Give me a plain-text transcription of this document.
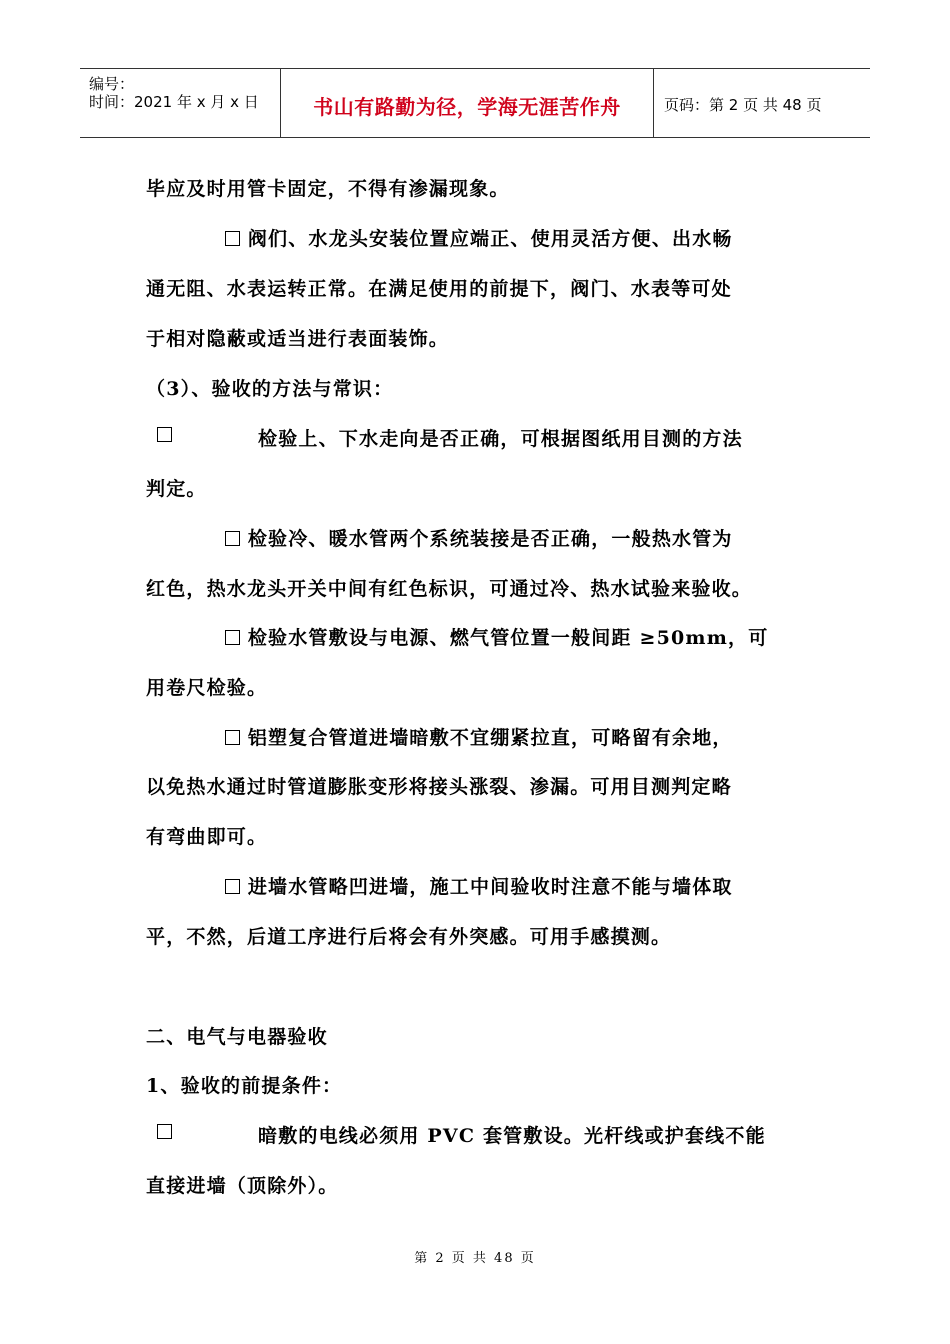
编号：
时间：2021 年 x 月 x 日	书山有路勤为径，学海无涯苦作舟	页码：第 2 页 共 48 页
毕应及时用管卡固定，不得有渗漏现象。
阀们、水龙头安装位置应端正、使用灵活方便、出水畅
通无阻、水表运转正常。在满足使用的前提下，阀门、水表等可处
于相对隐蔽或适当进行表面装饰。
（3）、验收的方法与常识：
检验上、下水走向是否正确，可根据图纸用目测的方法
判定。
检验冷、暖水管两个系统装接是否正确，一般热水管为
红色，热水龙头开关中间有红色标识，可通过冷、热水试验来验收。
检验水管敷设与电源、燃气管位置一般间距 ≥50mm，可
用卷尺检验。
铝塑复合管道进墙暗敷不宜绷紧拉直，可略留有余地，
以免热水通过时管道膨胀变形将接头涨裂、渗漏。可用目测判定略
有弯曲即可。
进墙水管略凹进墙，施工中间验收时注意不能与墙体取
平，不然，后道工序进行后将会有外突感。可用手感摸测。
二、电气与电器验收
1、验收的前提条件：
暗敷的电线必须用 PVC 套管敷设。光杆线或护套线不能
直接进墙（顶除外）。
第 2 页 共 48 页
